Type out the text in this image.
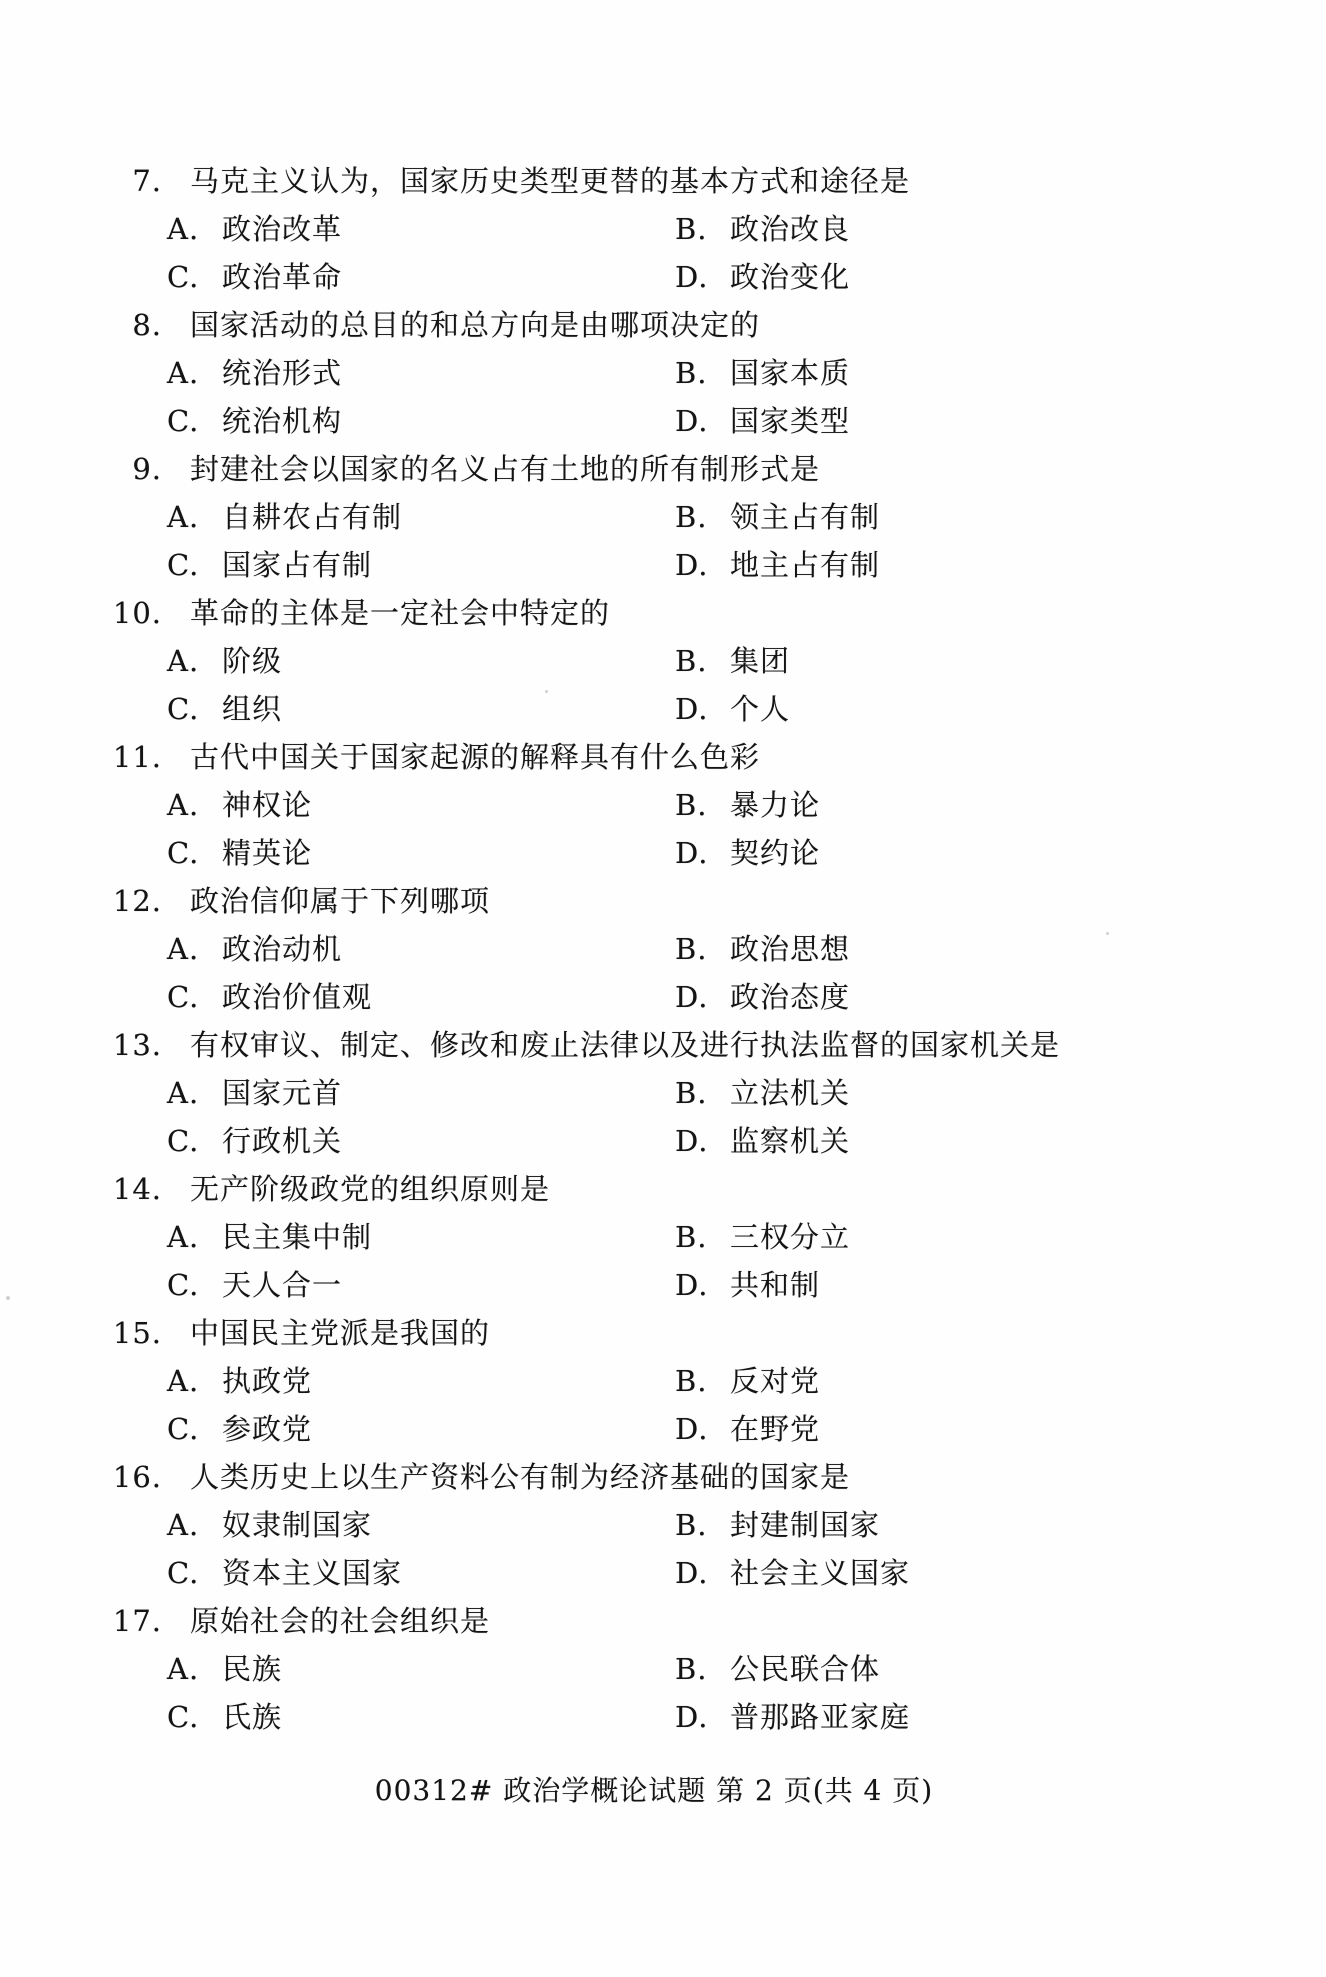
7. 马克主义认为，国家历史类型更替的基本方式和途径是
A. 政治改革	B. 政治改良
C. 政治革命	D. 政治变化
8. 国家活动的总目的和总方向是由哪项决定的
A. 统治形式	B. 国家本质
C. 统治机构	D. 国家类型
9. 封建社会以国家的名义占有土地的所有制形式是
A. 自耕农占有制	B. 领主占有制
C. 国家占有制	D. 地主占有制
10. 革命的主体是一定社会中特定的
A. 阶级	B. 集团
C. 组织	D. 个人
11. 古代中国关于国家起源的解释具有什么色彩
A. 神权论	B. 暴力论
C. 精英论	D. 契约论
12. 政治信仰属于下列哪项
A. 政治动机	B. 政治思想
C. 政治价值观	D. 政治态度
13. 有权审议、制定、修改和废止法律以及进行执法监督的国家机关是
A. 国家元首	B. 立法机关
C. 行政机关	D. 监察机关
14. 无产阶级政党的组织原则是
A. 民主集中制	B. 三权分立
C. 天人合一	D. 共和制
15. 中国民主党派是我国的
A. 执政党	B. 反对党
C. 参政党	D. 在野党
16. 人类历史上以生产资料公有制为经济基础的国家是
A. 奴隶制国家	B. 封建制国家
C. 资本主义国家	D. 社会主义国家
17. 原始社会的社会组织是
A. 民族	B. 公民联合体
C. 氏族	D. 普那路亚家庭
00312# 政治学概论试题 第 2 页(共 4 页)
